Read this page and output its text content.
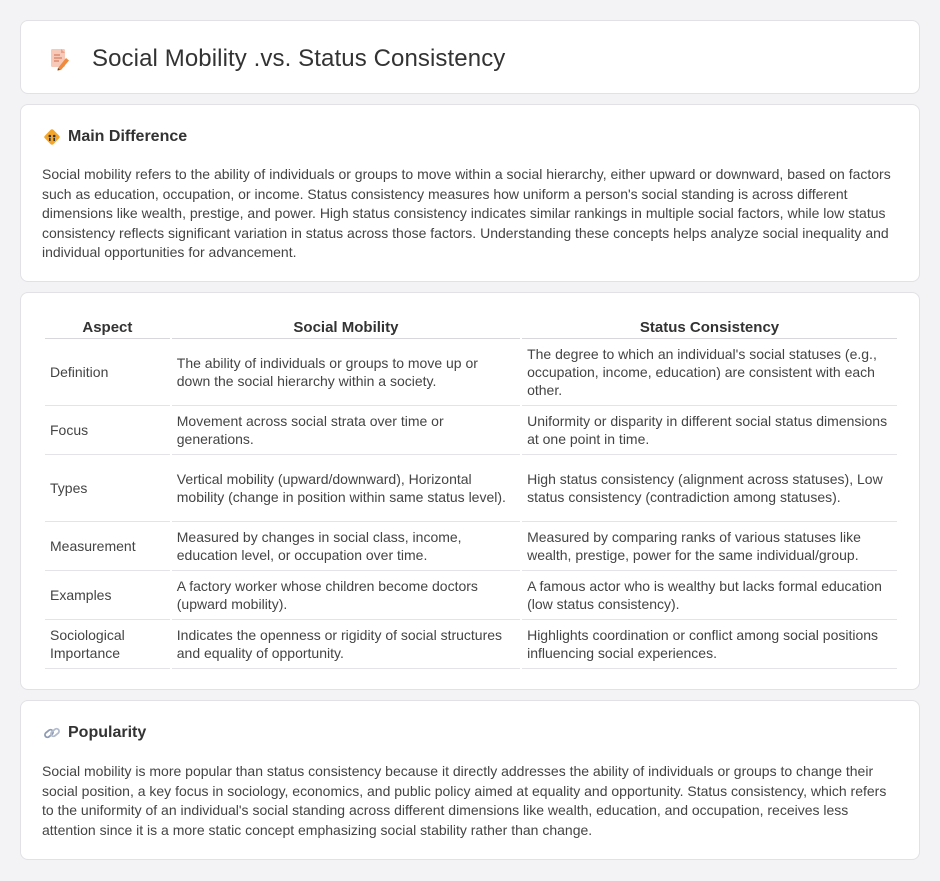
Social Mobility .vs. Status Consistency
Main Difference

Social mobility refers to the ability of individuals or groups to move within a social hierarchy, either upward or downward, based on factors such as education, occupation, or income. Status consistency measures how uniform a person's social standing is across different dimensions like wealth, prestige, and power. High status consistency indicates similar rankings in multiple social factors, while low status consistency reflects significant variation in status across those factors. Understanding these concepts helps analyze social inequality and individual opportunities for advancement.

Aspect	Social Mobility	Status Consistency
Definition	The ability of individuals or groups to move up or down the social hierarchy within a society.	The degree to which an individual's social statuses (e.g., occupation, income, education) are consistent with each other.
Focus	Movement across social strata over time or generations.	Uniformity or disparity in different social status dimensions at one point in time.
Types	Vertical mobility (upward/downward), Horizontal mobility (change in position within same status level).	High status consistency (alignment across statuses), Low status consistency (contradiction among statuses).
Measurement	Measured by changes in social class, income, education level, or occupation over time.	Measured by comparing ranks of various statuses like wealth, prestige, power for the same individual/group.
Examples	A factory worker whose children become doctors (upward mobility).	A famous actor who is wealthy but lacks formal education (low status consistency).
Sociological Importance	Indicates the openness or rigidity of social structures and equality of opportunity.	Highlights coordination or conflict among social positions influencing social experiences.
Popularity

Social mobility is more popular than status consistency because it directly addresses the ability of individuals or groups to change their social position, a key focus in sociology, economics, and public policy aimed at equality and opportunity. Status consistency, which refers to the uniformity of an individual's social standing across different dimensions like wealth, education, and occupation, receives less attention since it is a more static concept emphasizing social stability rather than change.
